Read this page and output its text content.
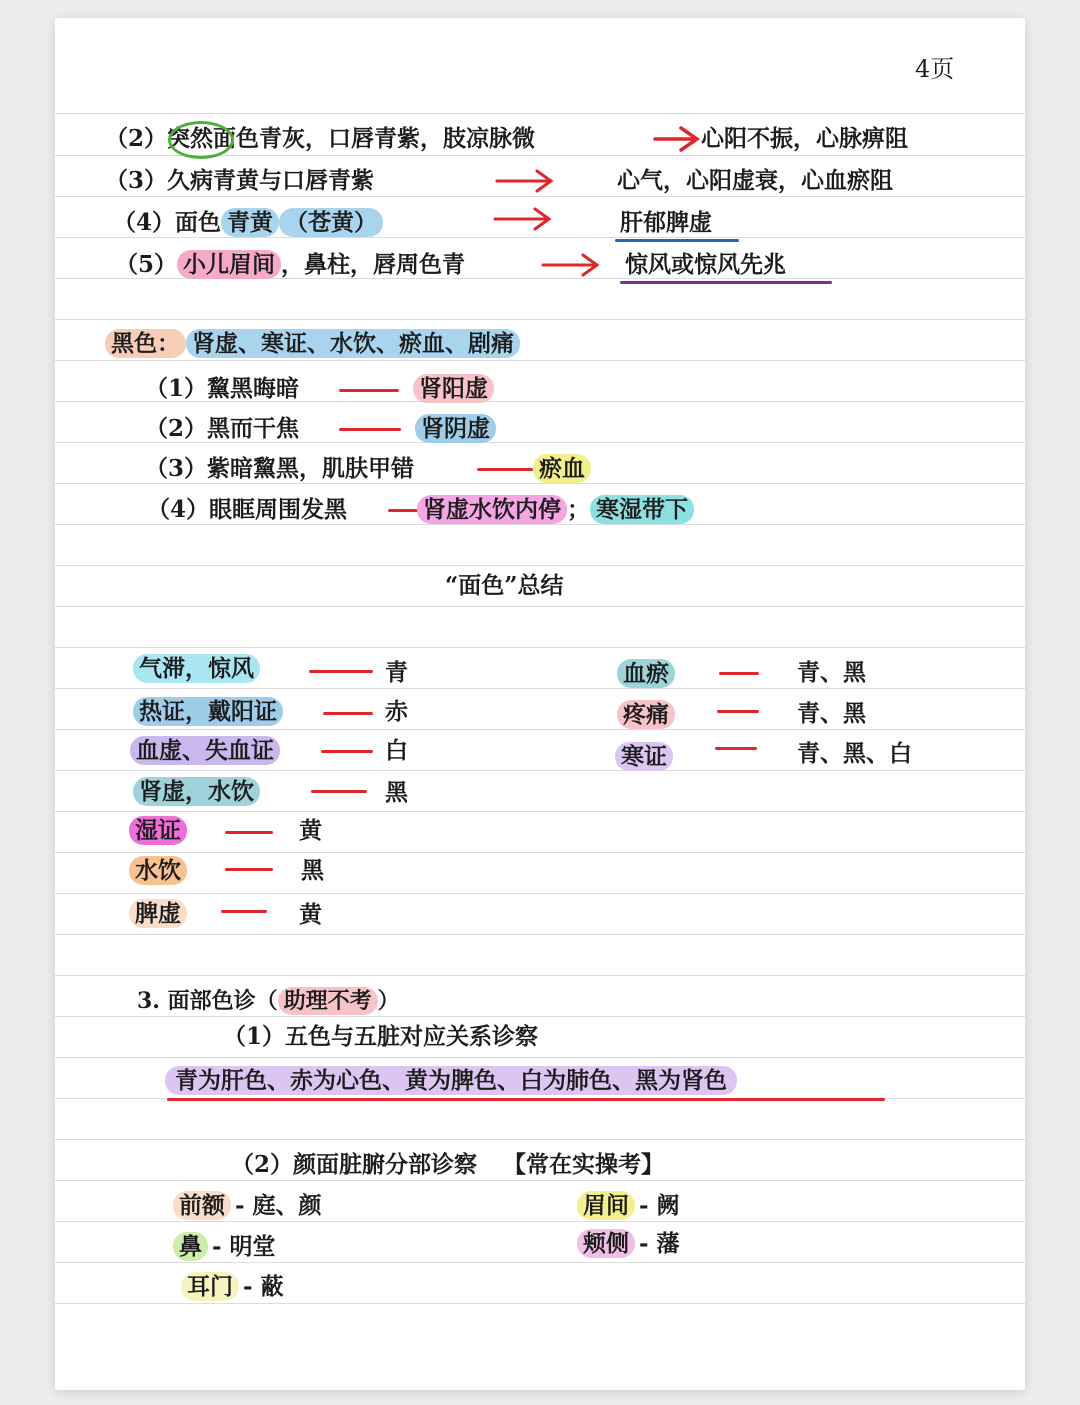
4页
（2）突然面色青灰，口唇青紫，肢凉脉微	心阳不振，心脉痹阻
（3）久病青黄与口唇青紫	心气，心阳虚衰，心血瘀阻
（4）面色 青黄 （苍黄）	肝郁脾虚
（5） 小儿眉间 ，鼻柱，唇周色青	惊风或惊风先兆
黑色： 肾虚、寒证、水饮、瘀血、剧痛
（1）黧黑晦暗	肾阳虚
（2）黑而干焦	肾阴虚
（3）紫暗黧黑，肌肤甲错	瘀血
（4）眼眶周围发黑	肾虚水饮内停 ； 寒湿带下
“面色”总结
气滞，惊风	青
热证，戴阳证	赤
血虚、失血证	白
肾虚，水饮	黑
湿证	黄
水饮	黑
脾虚	黄
血瘀	青、黑
疼痛	青、黑
寒证	青、黑、白
3. 面部色诊（ 助理不考 ）
（1）五色与五脏对应关系诊察
青为肝色、赤为心色、黄为脾色、白为肺色、黑为肾色
（2）颜面脏腑分部诊察 【常在实操考】
前额 - 庭、颜
鼻 - 明堂
耳门 - 蔽
眉间 - 阙
颊侧 - 藩
